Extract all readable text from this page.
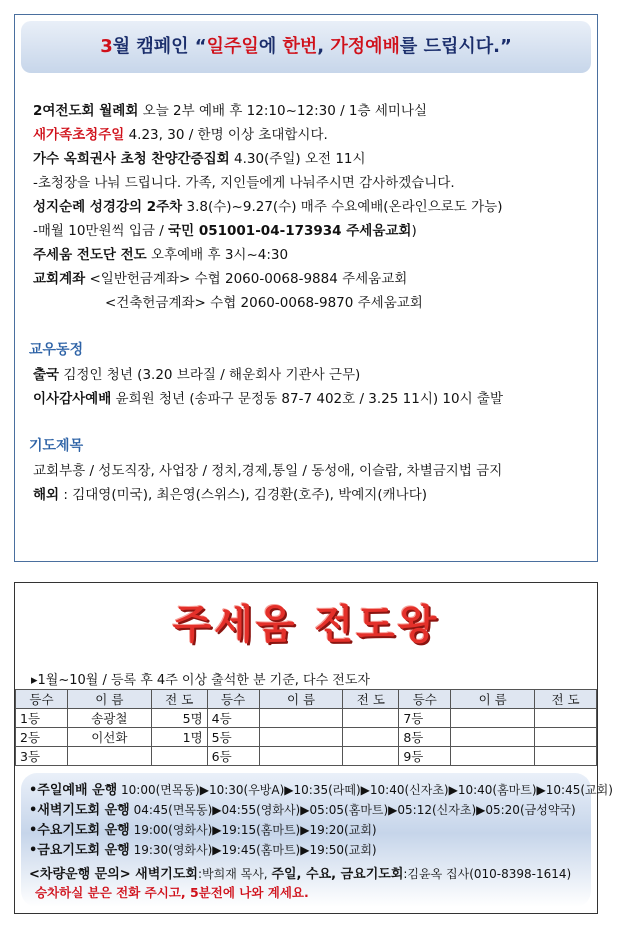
3월 캠페인 “일주일에 한번, 가정예배를 드립시다.”
2여전도회 월례회 오늘 2부 예배 후 12:10~12:30 / 1층 세미나실
새가족초청주일 4.23, 30 / 한명 이상 초대합시다.
가수 옥희권사 초청 찬양간증집회 4.30(주일) 오전 11시
-초청장을 나눠 드립니다. 가족, 지인들에게 나눠주시면 감사하겠습니다.
성지순례 성경강의 2주차 3.8(수)~9.27(수) 매주 수요예배(온라인으로도 가능)
-매월 10만원씩 입금 / 국민 051001-04-173934 주세움교회)
주세움 전도단 전도 오후예배 후 3시~4:30
교회계좌 <일반헌금계좌> 수협 2060-0068-9884 주세움교회
<건축헌금계좌> 수협 2060-0068-9870 주세움교회
교우동정
출국 김정인 청년 (3.20 브라질 / 해운회사 기관사 근무)
이사감사예배 윤희원 청년 (송파구 문정동 87-7 402호 / 3.25 11시) 10시 출발
기도제목
교회부흥 / 성도직장, 사업장 / 정치,경제,통일 / 동성애, 이슬람, 차별금지법 금지
해외 : 김대영(미국), 최은영(스위스), 김경환(호주), 박예지(캐나다)
주세움 전도왕
▸1월~10월 / 등록 후 4주 이상 출석한 분 기준, 다수 전도자
등수	이 름	전 도	등수	이 름	전 도	등수	이 름	전 도
1등	송광철	5명	4등			7등		
2등	이선화	1명	5등			8등		
3등			6등			9등		
•주일예배 운행 10:00(면목동)▶10:30(우방A)▶10:35(라떼)▶10:40(신자초)▶10:40(홈마트)▶10:45(교회)
•새벽기도회 운행 04:45(면목동)▶04:55(영화사)▶05:05(홈마트)▶05:12(신자초)▶05:20(금성약국)
•수요기도회 운행 19:00(영화사)▶19:15(홈마트)▶19:20(교회)
•금요기도회 운행 19:30(영화사)▶19:45(홈마트)▶19:50(교회)
<차량운행 문의> 새벽기도회:박희재 목사, 주일, 수요, 금요기도회:김윤옥 집사(010-8398-1614)
승차하실 분은 전화 주시고, 5분전에 나와 계세요.
